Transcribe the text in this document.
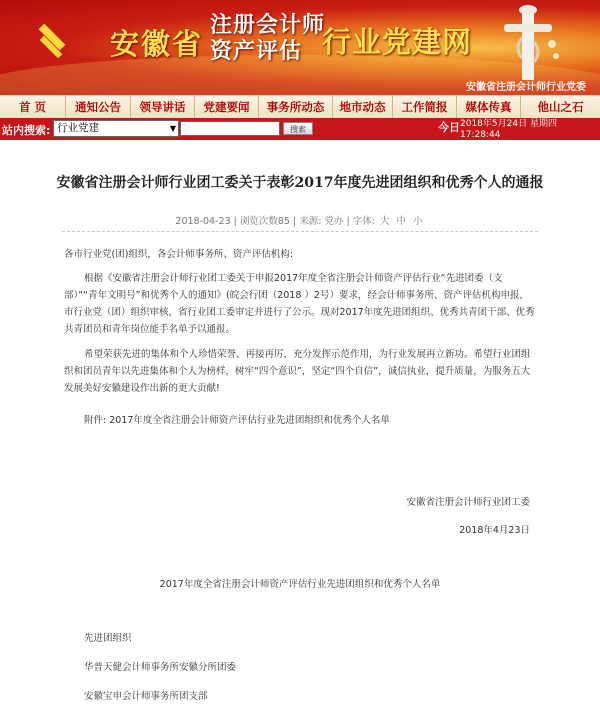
安徽省
注册会计师
资产评估 行业党建网
安徽省注册会计师行业党委
首 页	通知公告	领导讲话	党建要闻	事务所动态	地市动态	工作简报	媒体传真	他山之石
站内搜索: 行业党建	▼	搜索	今日 2018年5月24日 星期四
17:28:44
安徽省注册会计师行业团工委关于表彰2017年度先进团组织和优秀个人的通报
2018-04-23 | 浏览次数85 | 来源: 党办 | 字体: 大 中 小
各市行业党(团)组织，各会计师事务所、资产评估机构:
根据《安徽省注册会计师行业团工委关于申报2017年度全省注册会计师资产评估行业“先进团委（支部）”“青年文明号”和优秀个人的通知》(皖会行团（2018 ）2号）要求，经会计师事务所、资产评估机构申报，市行业党（团）组织审核，省行业团工委审定并进行了公示。现对2017年度先进团组织、优秀共青团干部、优秀共青团员和青年岗位能手名单予以通报。
希望荣获先进的集体和个人珍惜荣誉、再接再厉，充分发挥示范作用，为行业发展再立新功。希望行业团组织和团员青年以先进集体和个人为榜样，树牢“四个意识”，坚定“四个自信”，诚信执业，提升质量，为服务五大发展美好安徽建设作出新的更大贡献!
附件: 2017年度全省注册会计师资产评估行业先进团组织和优秀个人名单
安徽省注册会计师行业团工委
2018年4月23日
2017年度全省注册会计师资产评估行业先进团组织和优秀个人名单
先进团组织
华普天健会计师事务所安徽分所团委
安徽宝申会计师事务所团支部
